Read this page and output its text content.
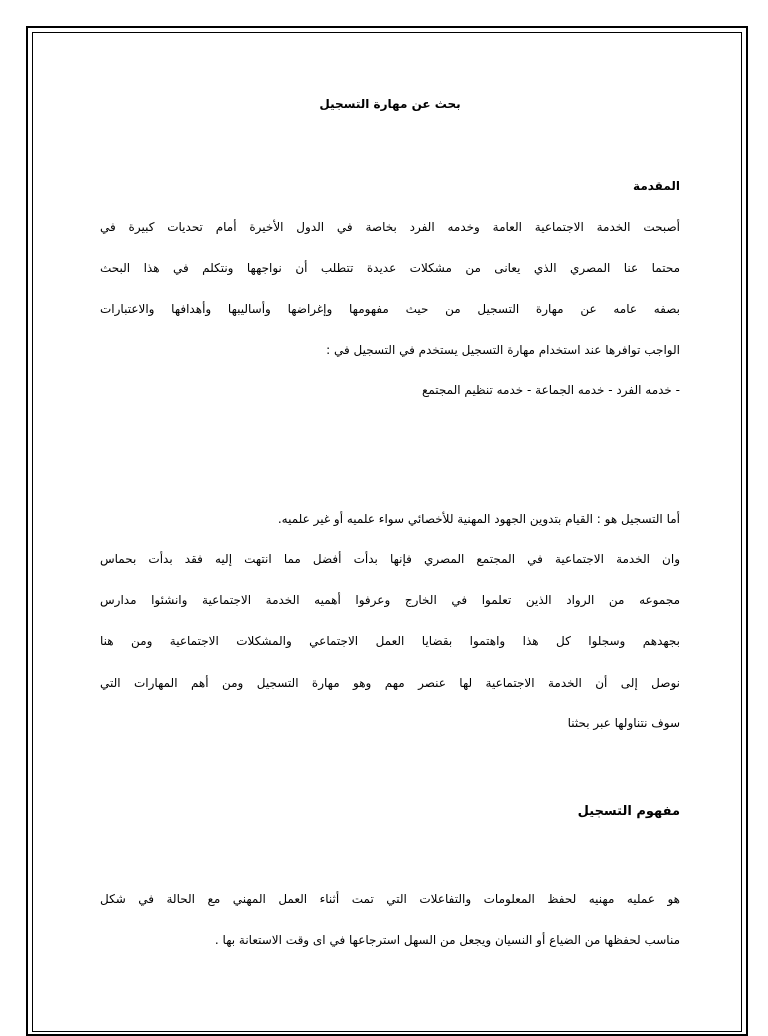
بحث عن مهارة التسجيل
المقدمة
أصبحت الخدمة الاجتماعية العامة وخدمه الفرد بخاصة في الدول الأخيرة أمام تحديات كبيرة في
محتما عنا المصري الذي يعانى من مشكلات عديدة تتطلب أن نواجهها ونتكلم في هذا البحث
بصفه عامه عن مهارة التسجيل من حيث مفهومها وإغراضها وأساليبها وأهدافها والاعتبارات
الواجب توافرها عند استخدام مهارة التسجيل يستخدم في التسجيل في :
- خدمه الفرد - خدمه الجماعة - خدمه تنظيم المجتمع
أما التسجيل هو : القيام بتدوين الجهود المهنية للأخصائي سواء علميه أو غير علميه.
وان الخدمة الاجتماعية في المجتمع المصري فإنها بدأت أفضل مما انتهت إليه فقد بدأت بحماس
مجموعه من الرواد الذين تعلموا في الخارج وعرفوا أهميه الخدمة الاجتماعية وانشئوا مدارس
بجهدهم وسجلوا كل هذا واهتموا بقضايا العمل الاجتماعي والمشكلات الاجتماعية ومن هنا
نوصل إلى أن الخدمة الاجتماعية لها عنصر مهم وهو مهارة التسجيل ومن أهم المهارات التي
سوف نتناولها عبر بحثنا
مفهوم التسجيل
هو عمليه مهنيه لحفظ المعلومات والتفاعلات التي تمت أثناء العمل المهني مع الحالة في شكل
مناسب لحفظها من الضياع أو النسيان ويجعل من السهل استرجاعها في اى وقت الاستعانة بها .
